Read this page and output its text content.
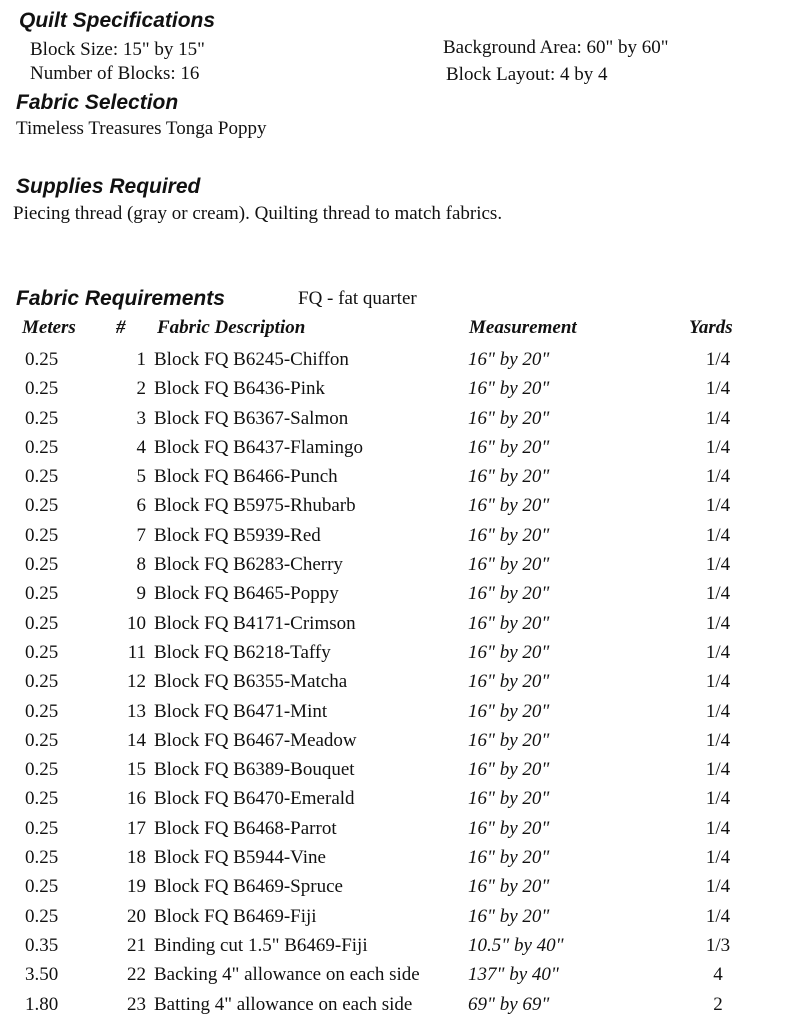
Quilt Specifications
Block Size: 15" by 15"
Number of Blocks: 16
Background Area: 60" by 60"
Block Layout: 4 by 4
Fabric Selection
Timeless Treasures Tonga Poppy
Supplies Required
Piecing thread (gray or cream). Quilting thread to match fabrics.
Fabric Requirements	FQ - fat quarter
Meters # Fabric Description	Measurement	Yards
0.25	1 Block FQ B6245-Chiffon	16" by 20"	1/4
0.25	2 Block FQ B6436-Pink	16" by 20"	1/4
0.25	3 Block FQ B6367-Salmon	16" by 20"	1/4
0.25	4 Block FQ B6437-Flamingo	16" by 20"	1/4
0.25	5 Block FQ B6466-Punch	16" by 20"	1/4
0.25	6 Block FQ B5975-Rhubarb	16" by 20"	1/4
0.25	7 Block FQ B5939-Red	16" by 20"	1/4
0.25	8 Block FQ B6283-Cherry	16" by 20"	1/4
0.25	9 Block FQ B6465-Poppy	16" by 20"	1/4
0.25	10 Block FQ B4171-Crimson	16" by 20"	1/4
0.25	11 Block FQ B6218-Taffy	16" by 20"	1/4
0.25	12 Block FQ B6355-Matcha	16" by 20"	1/4
0.25	13 Block FQ B6471-Mint	16" by 20"	1/4
0.25	14 Block FQ B6467-Meadow	16" by 20"	1/4
0.25	15 Block FQ B6389-Bouquet	16" by 20"	1/4
0.25	16 Block FQ B6470-Emerald	16" by 20"	1/4
0.25	17 Block FQ B6468-Parrot	16" by 20"	1/4
0.25	18 Block FQ B5944-Vine	16" by 20"	1/4
0.25	19 Block FQ B6469-Spruce	16" by 20"	1/4
0.25	20 Block FQ B6469-Fiji	16" by 20"	1/4
0.35	21 Binding cut 1.5" B6469-Fiji	10.5" by 40"	1/3
3.50	22 Backing 4" allowance on each side	137" by 40"	4
1.80	23 Batting 4" allowance on each side	69" by 69"	2
